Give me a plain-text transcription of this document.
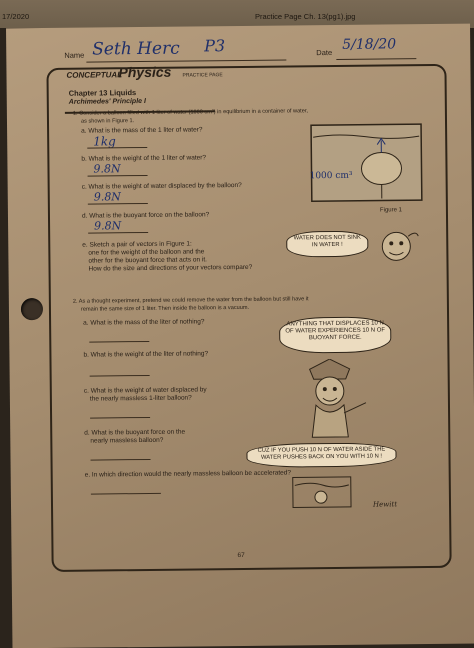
17/2020	Practice Page Ch. 13(pg1).jpg
Name Seth Herc P3	Date 5/18/20
CONCEPTUAL
Physics PRACTICE PAGE
Chapter 13 Liquids
Archimedes' Principle I
1. Consider a balloon filled with 1 liter of water (1000 cm³) in equilibrium in a container of water,
as shown in Figure 1.
a. What is the mass of the 1 liter of water?
1kg
b. What is the weight of the 1 liter of water?
9.8N
c. What is the weight of water displaced by the balloon?
9.8N
d. What is the buoyant force on the balloon?
9.8N
e. Sketch a pair of vectors in Figure 1:
one for the weight of the balloon and the
other for the buoyant force that acts on it.
How do the size and directions of your vectors compare?
1000 cm³
Figure 1
WATER DOES NOT SINK IN WATER !
2. As a thought experiment, pretend we could remove the water from the balloon but still have it
remain the same size of 1 liter. Then inside the balloon is a vacuum.
a. What is the mass of the liter of nothing?
b. What is the weight of the liter of nothing?
c. What is the weight of water displaced by
the nearly massless 1-liter balloon?
d. What is the buoyant force on the
nearly massless balloon?
e. In which direction would the nearly massless balloon be accelerated?
ANYTHING THAT DISPLACES 10 N OF WATER EXPERIENCES 10 N OF BUOYANT FORCE.
CUZ IF YOU PUSH 10 N OF WATER ASIDE THE WATER PUSHES BACK ON YOU WITH 10 N !
67
Hewitt
